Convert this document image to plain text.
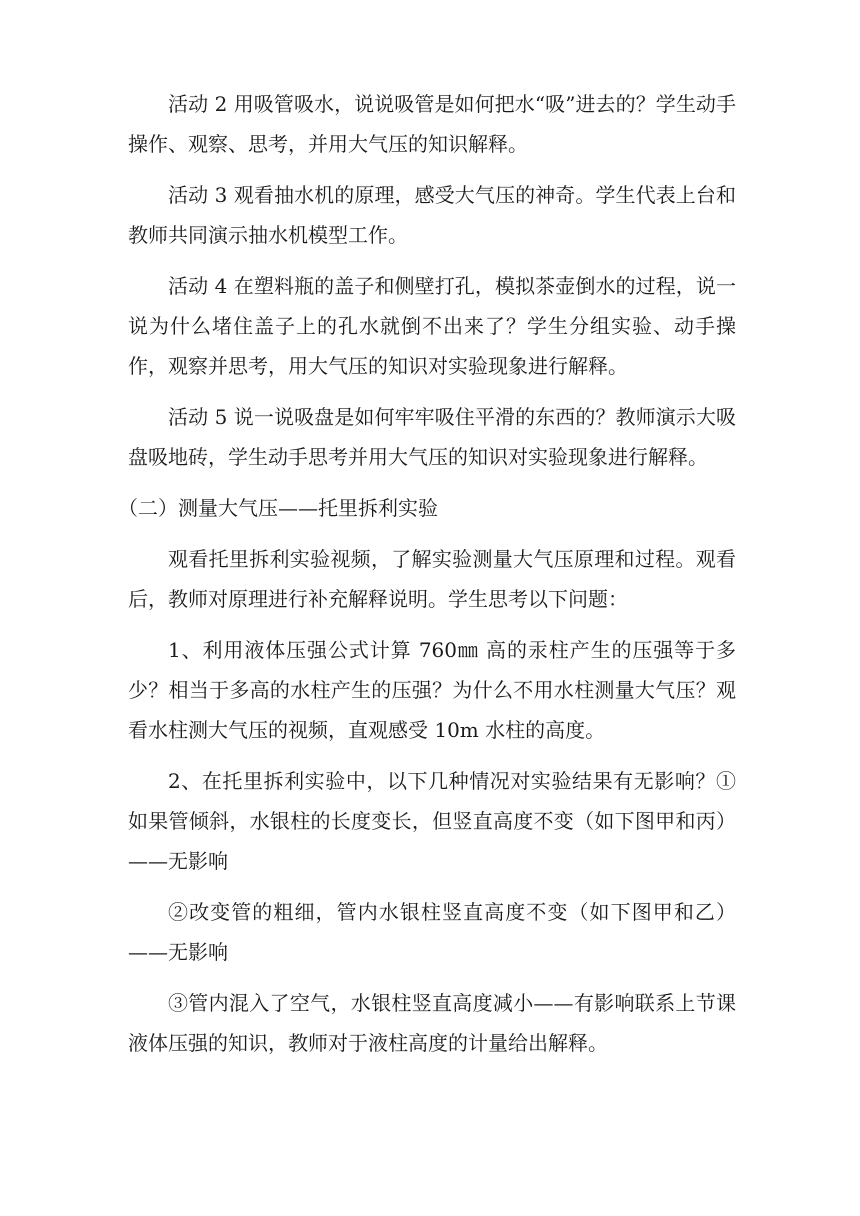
活动 2 用吸管吸水，说说吸管是如何把水“吸”进去的？学生动手操作、观察、思考，并用大气压的知识解释。

活动 3 观看抽水机的原理，感受大气压的神奇。学生代表上台和教师共同演示抽水机模型工作。

活动 4 在塑料瓶的盖子和侧壁打孔，模拟茶壶倒水的过程，说一说为什么堵住盖子上的孔水就倒不出来了？学生分组实验、动手操作，观察并思考，用大气压的知识对实验现象进行解释。

活动 5 说一说吸盘是如何牢牢吸住平滑的东西的？教师演示大吸盘吸地砖，学生动手思考并用大气压的知识对实验现象进行解释。

（二）测量大气压——托里拆利实验

观看托里拆利实验视频，了解实验测量大气压原理和过程。观看后，教师对原理进行补充解释说明。学生思考以下问题：

1、利用液体压强公式计算 760㎜ 高的汞柱产生的压强等于多少？相当于多高的水柱产生的压强？为什么不用水柱测量大气压？观看水柱测大气压的视频，直观感受 10m 水柱的高度。

2、在托里拆利实验中，以下几种情况对实验结果有无影响？①如果管倾斜，水银柱的长度变长，但竖直高度不变（如下图甲和丙）——无影响

②改变管的粗细，管内水银柱竖直高度不变（如下图甲和乙）——无影响

③管内混入了空气，水银柱竖直高度减小——有影响联系上节课液体压强的知识，教师对于液柱高度的计量给出解释。
